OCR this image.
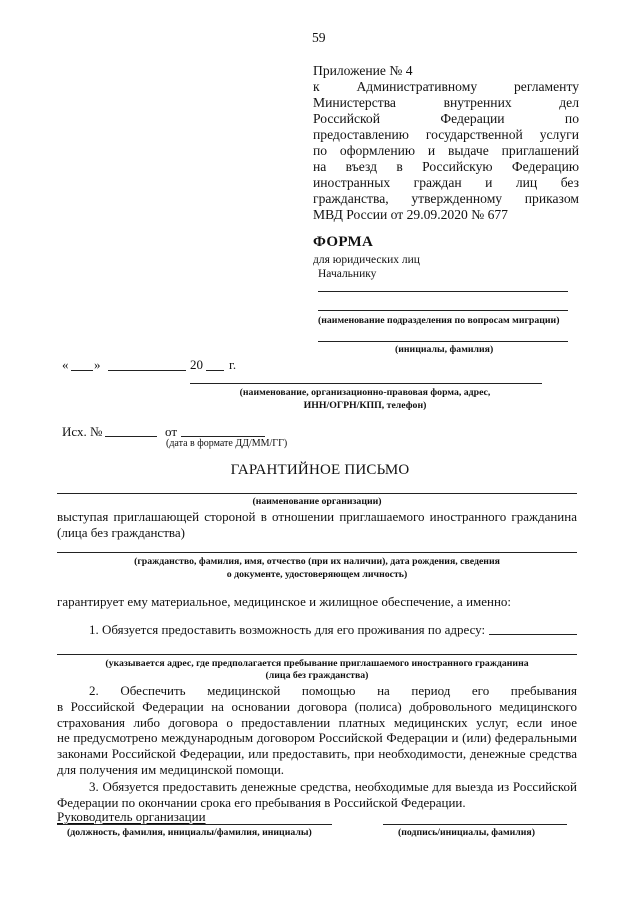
59
Приложение № 4
к Административному регламенту
Министерства внутренних дел
Российской Федерации по
предоставлению государственной услуги
по оформлению и выдаче приглашений
на въезд в Российскую Федерацию
иностранных граждан и лиц без
гражданства, утвержденному приказом
МВД России от 29.09.2020 № 677
ФОРМА
для юридических лиц
Начальнику
(наименование подразделения по вопросам миграции)
(инициалы, фамилия)
« »	20 г.
(наименование, организационно-правовая форма, адрес,
ИНН/ОГРН/КПП, телефон)
Исх. №	от
(дата в формате ДД/ММ/ГГ)
ГАРАНТИЙНОЕ ПИСЬМО
(наименование организации)
выступая приглашающей стороной в отношении приглашаемого иностранного гражданина
(лица без гражданства)
(гражданство, фамилия, имя, отчество (при их наличии), дата рождения, сведения
о документе, удостоверяющем личность)
гарантирует ему материальное, медицинское и жилищное обеспечение, а именно:
1. Обязуется предоставить возможность для его проживания по адресу:
(указывается адрес, где предполагается пребывание приглашаемого иностранного гражданина
(лица без гражданства)
2. Обеспечить медицинской помощью на период его пребывания
в Российской Федерации на основании договора (полиса) добровольного медицинского
страхования либо договора о предоставлении платных медицинских услуг, если иное
не предусмотрено международным договором Российской Федерации и (или) федеральными
законами Российской Федерации, или предоставить, при необходимости, денежные средства
для получения им медицинской помощи.
3. Обязуется предоставить денежные средства, необходимые для выезда из Российской
Федерации по окончании срока его пребывания в Российской Федерации.
Руководитель организации
(должность, фамилия, инициалы/фамилия, инициалы)	(подпись/инициалы, фамилия)
